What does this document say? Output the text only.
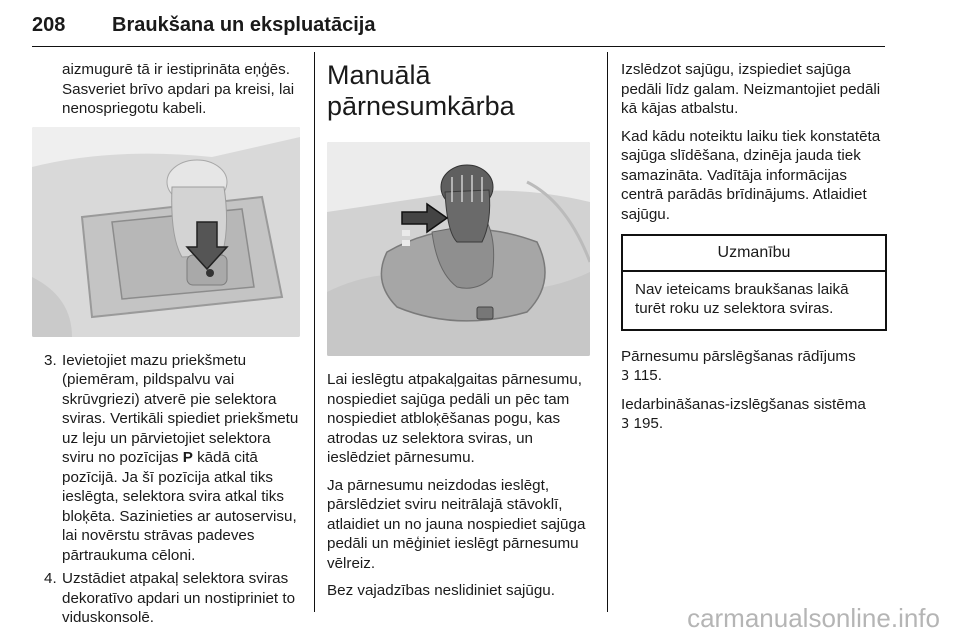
208 Braukšana un ekspluatācija

aizmugurē tā ir iestiprināta eņģēs. Sasveriet brīvo apdari pa kreisi, lai nenospriegotu kabeli.

3. Ievietojiet mazu priekšmetu (piemēram, pildspalvu vai skrūvgriezi) atverē pie selektora sviras. Vertikāli spiediet priekšmetu uz leju un pārvietojiet selektora sviru no pozīcijas P kādā citā pozīcijā. Ja šī pozīcija atkal tiks ieslēgta, selektora svira atkal tiks bloķēta. Sazinieties ar autoservisu, lai novērstu strāvas padeves pārtraukuma cēloni.
4. Uzstādiet atpakaļ selektora sviras dekoratīvo apdari un nostipriniet to viduskonsolē.
Manuālā pārnesumkārba

Lai ieslēgtu atpakaļgaitas pārnesumu, nospiediet sajūga pedāli un pēc tam nospiediet atbloķēšanas pogu, kas atrodas uz selektora sviras, un ieslēdziet pārnesumu.

Ja pārnesumu neizdodas ieslēgt, pārslēdziet sviru neitrālajā stāvoklī, atlaidiet un no jauna nospiediet sajūga pedāli un mēģiniet ieslēgt pārnesumu vēlreiz.

Bez vajadzības neslidiniet sajūgu.

Izslēdzot sajūgu, izspiediet sajūga pedāli līdz galam. Neizmantojiet pedāli kā kājas atbalstu.

Kad kādu noteiktu laiku tiek konstatēta sajūga slīdēšana, dzinēja jauda tiek samazināta. Vadītāja informācijas centrā parādās brīdinājums. Atlaidiet sajūgu.

Uzmanību
Nav ieteicams braukšanas laikā turēt roku uz selektora sviras.

Pārnesumu pārslēgšanas rādījums
3 115.

Iedarbināšanas-izslēgšanas sistēma
3 195.

carmanualsonline.info
